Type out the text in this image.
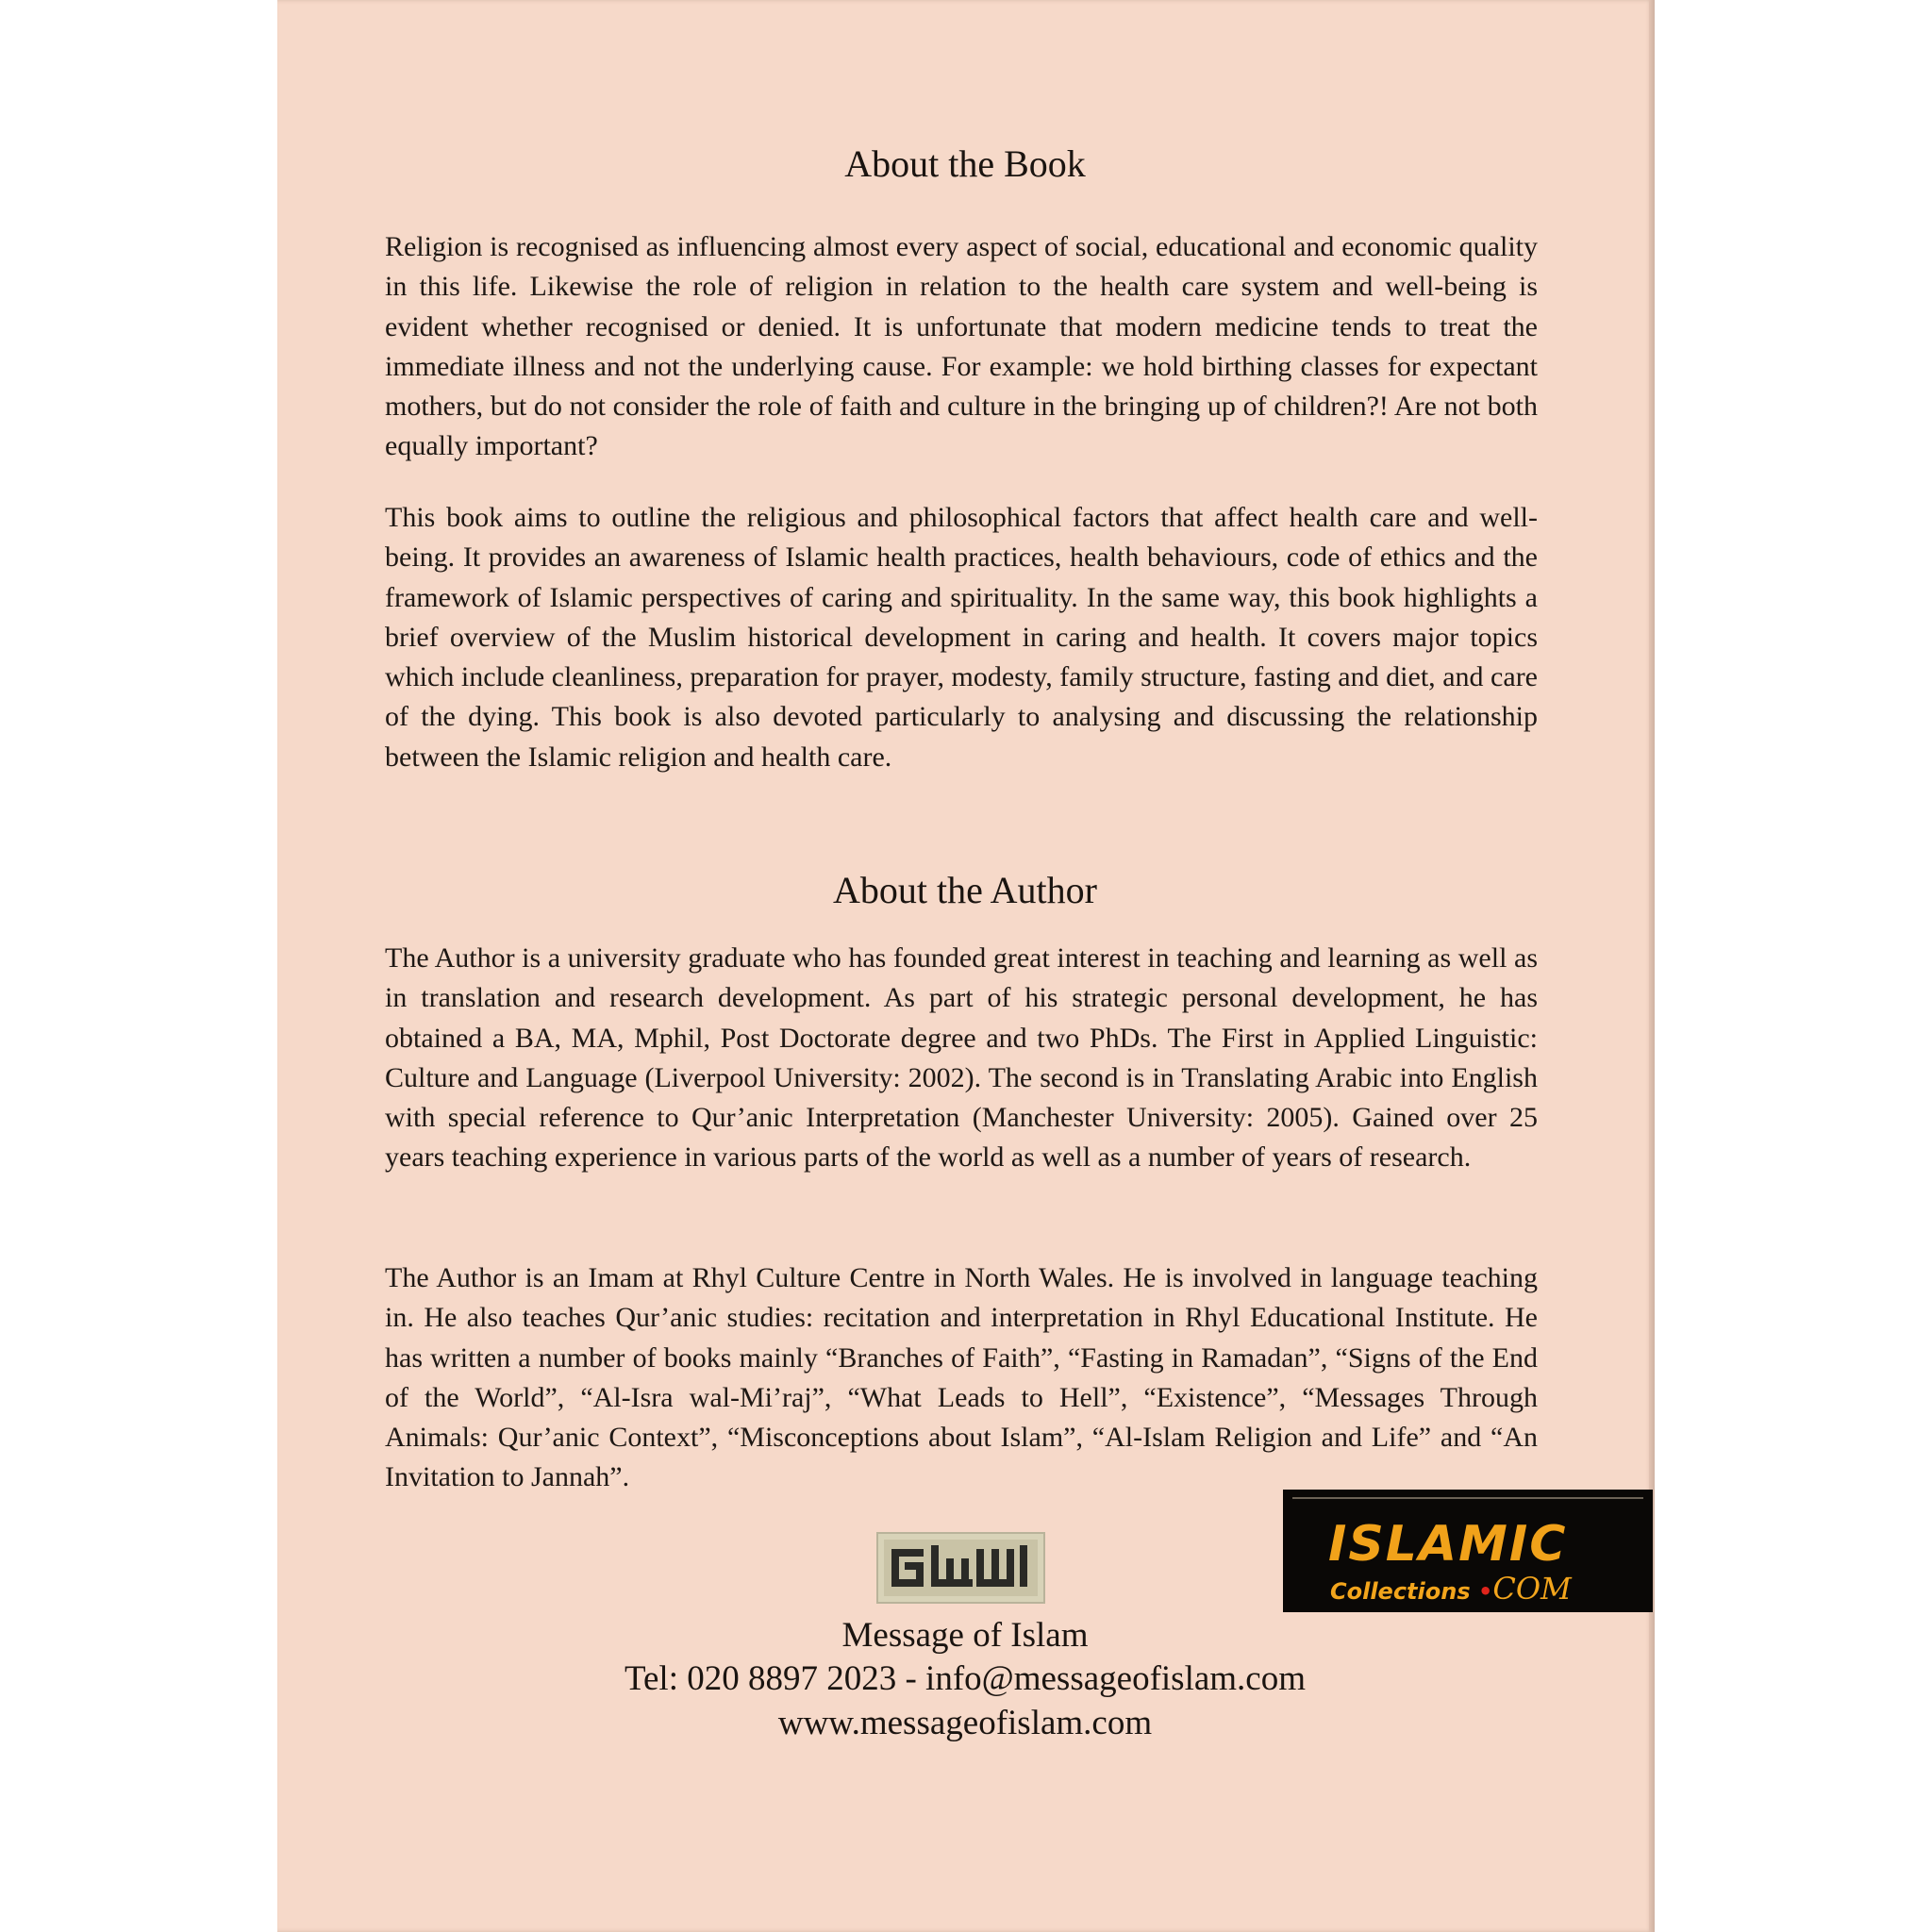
About the Book

Religion is recognised as influencing almost every aspect of social, educational and economic quality in this life. Likewise the role of religion in relation to the health care system and well-being is evident whether recognised or denied. It is unfortunate that modern medicine tends to treat the immediate illness and not the underlying cause. For example: we hold birthing classes for expectant mothers, but do not consider the role of faith and culture in the bringing up of children?! Are not both equally important?

This book aims to outline the religious and philosophical factors that affect health care and well-being. It provides an awareness of Islamic health practices, health behaviours, code of ethics and the framework of Islamic perspectives of caring and spirituality. In the same way, this book highlights a brief overview of the Muslim historical development in caring and health. It covers major topics which include cleanliness, preparation for prayer, modesty, family structure, fasting and diet, and care of the dying. This book is also devoted particularly to analysing and discussing the relationship between the Islamic religion and health care.

About the Author

The Author is a university graduate who has founded great interest in teaching and learning as well as in translation and research development. As part of his strategic personal development, he has obtained a BA, MA, Mphil, Post Doctorate degree and two PhDs. The First in Applied Linguistic: Culture and Language (Liverpool University: 2002). The second is in Translating Arabic into English with special reference to Qur’anic Interpretation (Manchester University: 2005). Gained over 25 years teaching experience in various parts of the world as well as a number of years of research.

The Author is an Imam at Rhyl Culture Centre in North Wales. He is involved in language teaching in. He also teaches Qur’anic studies: recitation and interpretation in Rhyl Educational Institute. He has written a number of books mainly “Branches of Faith”, “Fasting in Ramadan”, “Signs of the End of the World”, “Al-Isra wal-Mi’raj”, “What Leads to Hell”, “Existence”, “Messages Through Animals: Qur’anic Context”, “Misconceptions about Islam”, “Al-Islam Religion and Life” and “An Invitation to Jannah”.

Message of Islam

Tel: 020 8897 2023 - info@messageofislam.com

www.messageofislam.com

ISLAMIC
Collections •COM
